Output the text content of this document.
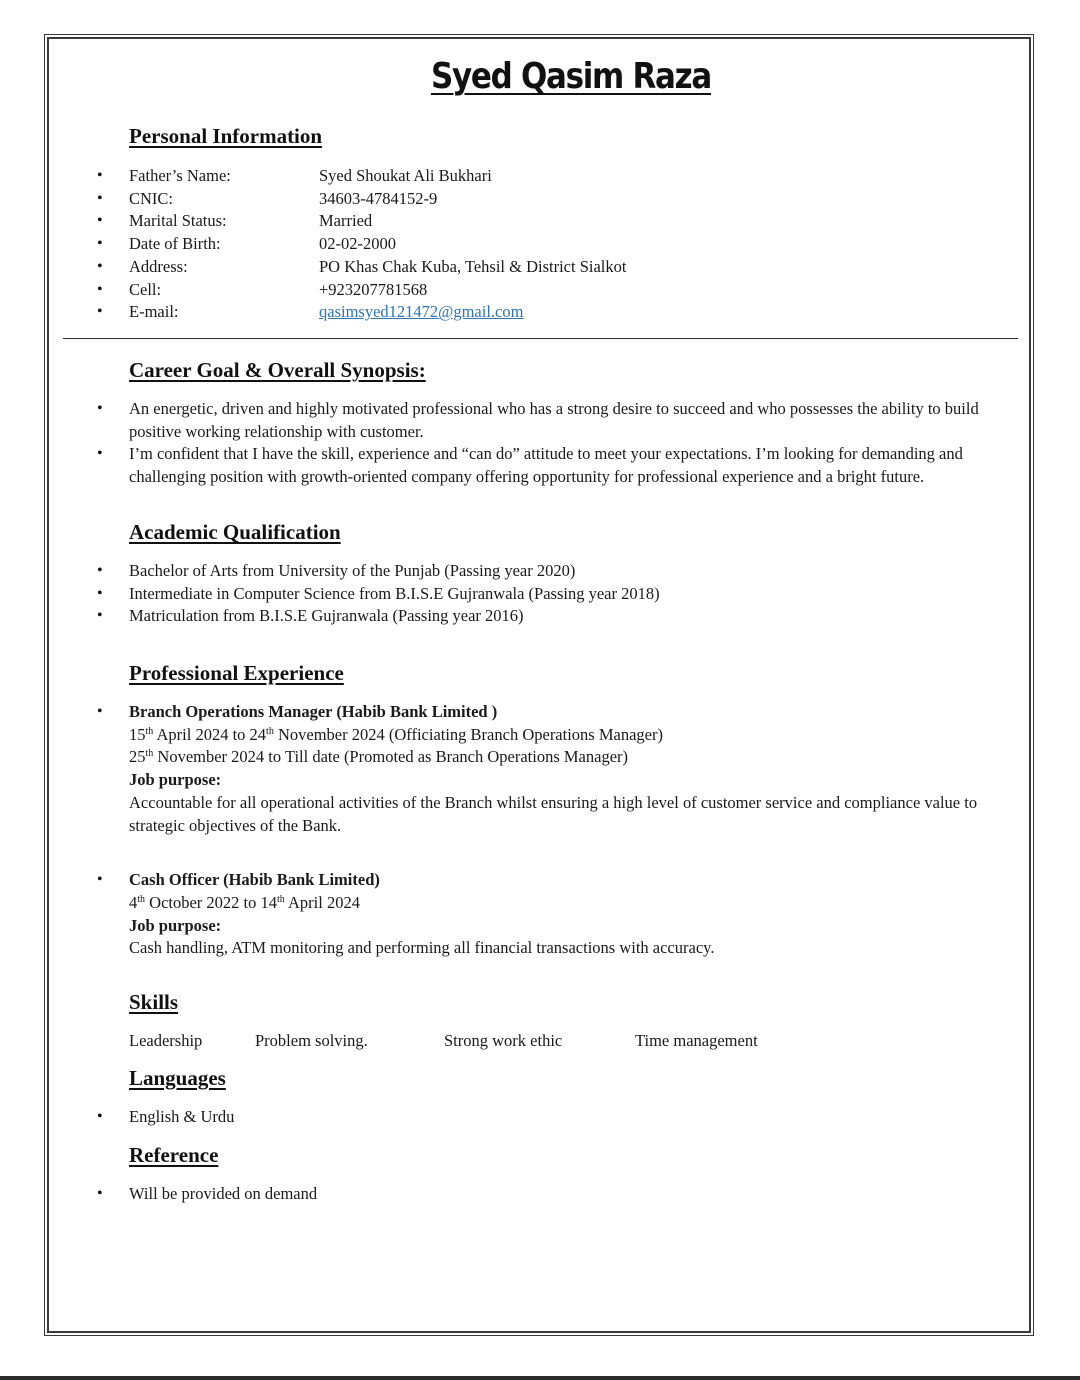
Syed Qasim Raza
Personal Information
• Father’s Name:	Syed Shoukat Ali Bukhari
• CNIC:	34603-4784152-9
• Marital Status:	Married
• Date of Birth:	02-02-2000
• Address:	PO Khas Chak Kuba, Tehsil & District Sialkot
• Cell:	+923207781568
• E-mail:	qasimsyed121472@gmail.com
Career Goal & Overall Synopsis:
• An energetic, driven and highly motivated professional who has a strong desire to succeed and who possesses the ability to build positive working relationship with customer.
• I’m confident that I have the skill, experience and “can do” attitude to meet your expectations. I’m looking for demanding and challenging position with growth-oriented company offering opportunity for professional experience and a bright future.
Academic Qualification
• Bachelor of Arts from University of the Punjab (Passing year 2020)
• Intermediate in Computer Science from B.I.S.E Gujranwala (Passing year 2018)
• Matriculation from B.I.S.E Gujranwala (Passing year 2016)
Professional Experience
• Branch Operations Manager (Habib Bank Limited )
15th April 2024 to 24th November 2024 (Officiating Branch Operations Manager)
25th November 2024 to Till date (Promoted as Branch Operations Manager)
Job purpose:
Accountable for all operational activities of the Branch whilst ensuring a high level of customer service and compliance value to strategic objectives of the Bank.
• Cash Officer (Habib Bank Limited)
4th October 2022 to 14th April 2024
Job purpose:
Cash handling, ATM monitoring and performing all financial transactions with accuracy.
Skills
Leadership	Problem solving.	Strong work ethic	Time management
Languages
• English & Urdu
Reference
• Will be provided on demand
